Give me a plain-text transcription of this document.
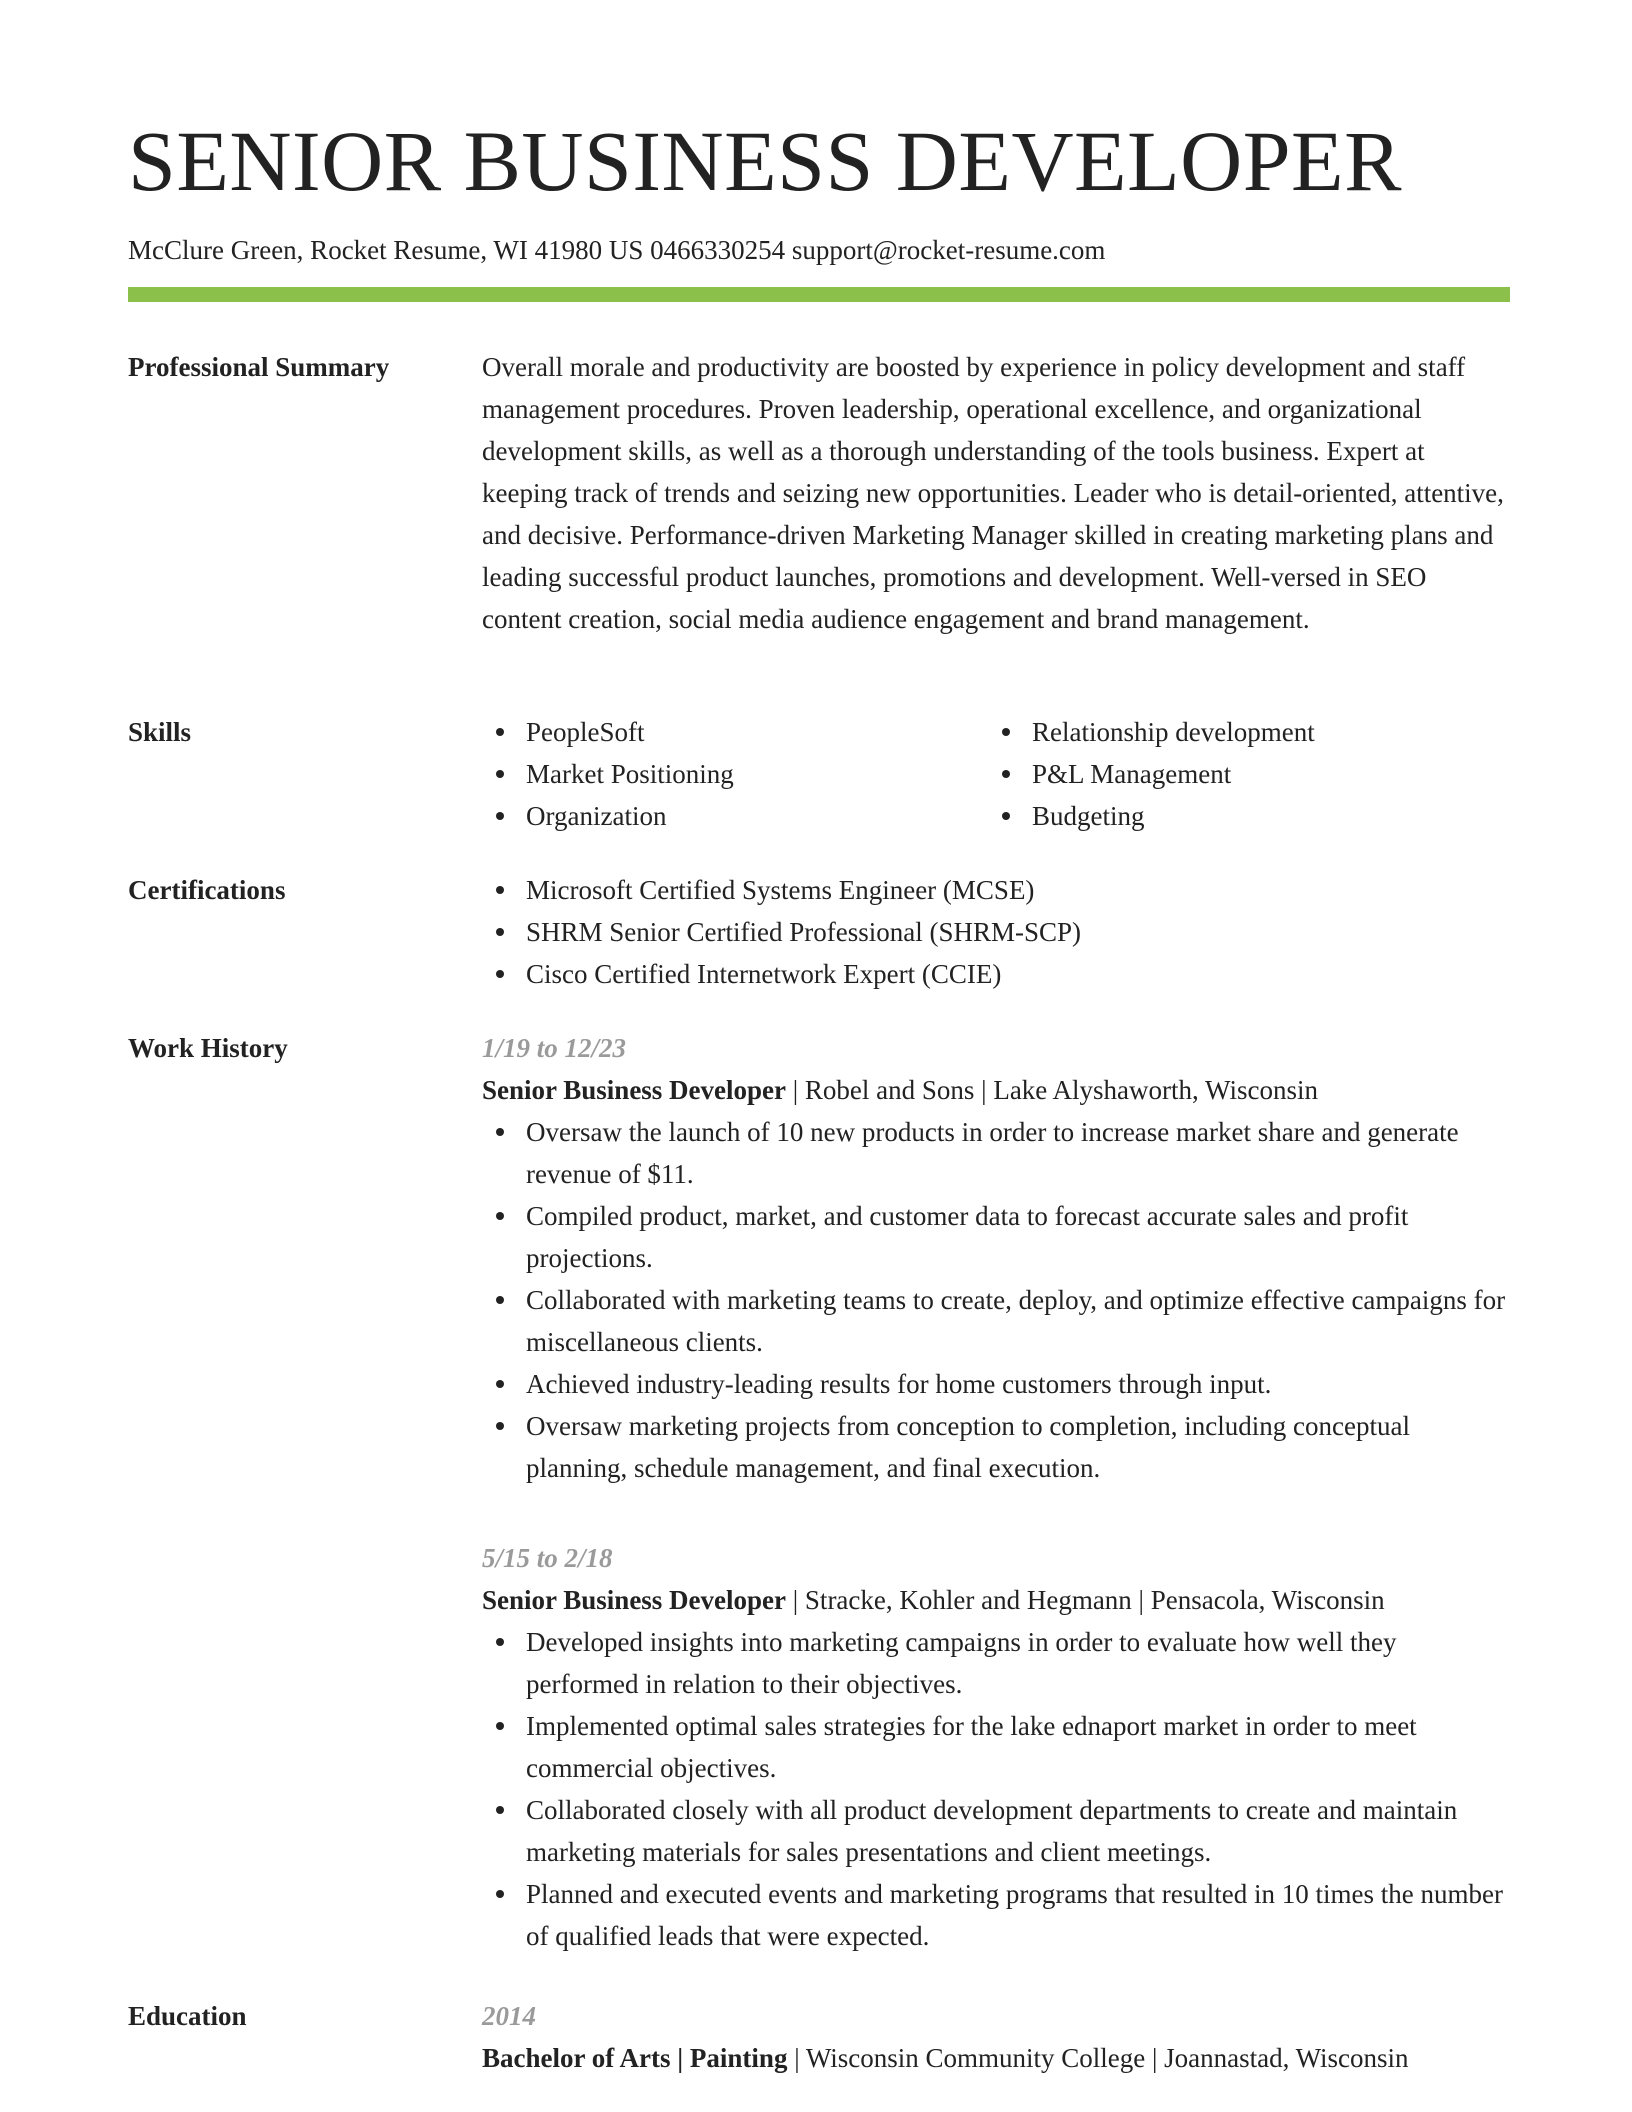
SENIOR BUSINESS DEVELOPER
McClure Green, Rocket Resume, WI 41980 US 0466330254 support@rocket-resume.com
Professional Summary	Overall morale and productivity are boosted by experience in policy development and staff management procedures. Proven leadership, operational excellence, and organizational development skills, as well as a thorough understanding of the tools business. Expert at keeping track of trends and seizing new opportunities. Leader who is detail-oriented, attentive, and decisive. Performance-driven Marketing Manager skilled in creating marketing plans and leading successful product launches, promotions and development. Well-versed in SEO content creation, social media audience engagement and brand management.

Skills	PeopleSoft
Market Positioning
Organization
Relationship development
P&L Management
Budgeting
Certifications	Microsoft Certified Systems Engineer (MCSE)
SHRM Senior Certified Professional (SHRM-SCP)
Cisco Certified Internetwork Expert (CCIE)
Work History	1/19 to 12/23
Senior Business Developer | Robel and Sons | Lake Alyshaworth, Wisconsin
Oversaw the launch of 10 new products in order to increase market share and generate revenue of $11.
Compiled product, market, and customer data to forecast accurate sales and profit projections.
Collaborated with marketing teams to create, deploy, and optimize effective campaigns for miscellaneous clients.
Achieved industry-leading results for home customers through input.
Oversaw marketing projects from conception to completion, including conceptual planning, schedule management, and final execution.
5/15 to 2/18
Senior Business Developer | Stracke, Kohler and Hegmann | Pensacola, Wisconsin
Developed insights into marketing campaigns in order to evaluate how well they performed in relation to their objectives.
Implemented optimal sales strategies for the lake ednaport market in order to meet commercial objectives.
Collaborated closely with all product development departments to create and maintain marketing materials for sales presentations and client meetings.
Planned and executed events and marketing programs that resulted in 10 times the number of qualified leads that were expected.
Education	2014
Bachelor of Arts | Painting | Wisconsin Community College | Joannastad, Wisconsin
